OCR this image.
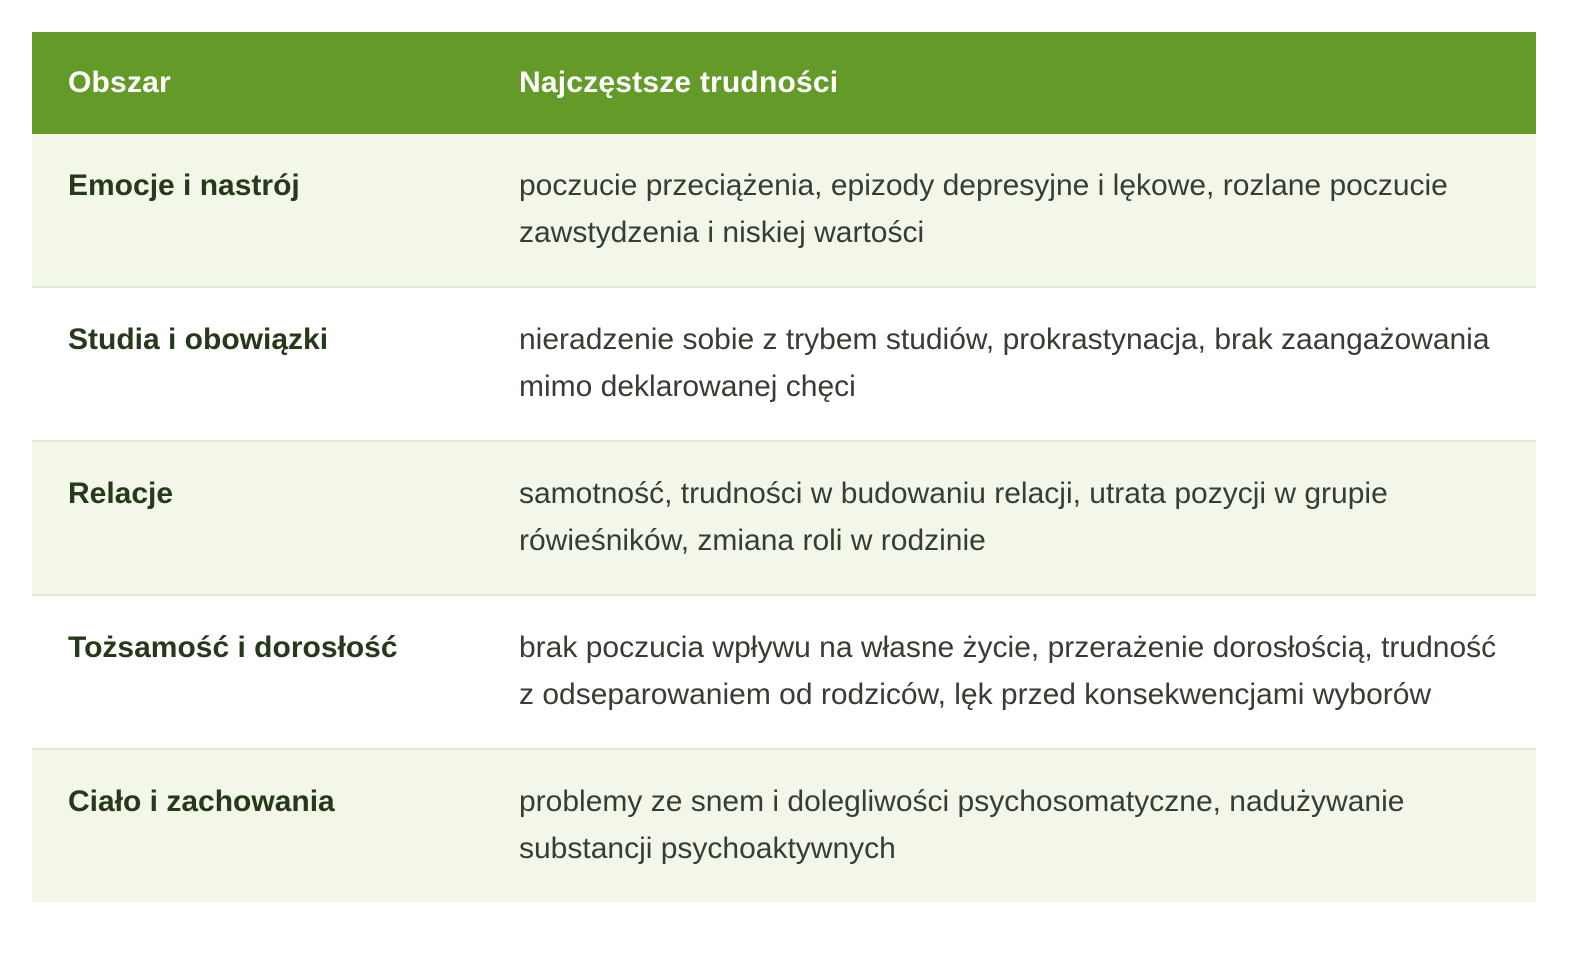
Obszar	Najczęstsze trudności
Emocje i nastrój	poczucie przeciążenia, epizody depresyjne i lękowe, rozlane poczucie zawstydzenia i niskiej wartości
Studia i obowiązki	nieradzenie sobie z trybem studiów, prokrastynacja, brak zaangażowania mimo deklarowanej chęci
Relacje	samotność, trudności w budowaniu relacji, utrata pozycji w grupie rówieśników, zmiana roli w rodzinie
Tożsamość i dorosłość	brak poczucia wpływu na własne życie, przerażenie dorosłością, trudność z odseparowaniem od rodziców, lęk przed konsekwencjami wyborów
Ciało i zachowania	problemy ze snem i dolegliwości psychosomatyczne, nadużywanie substancji psychoaktywnych
